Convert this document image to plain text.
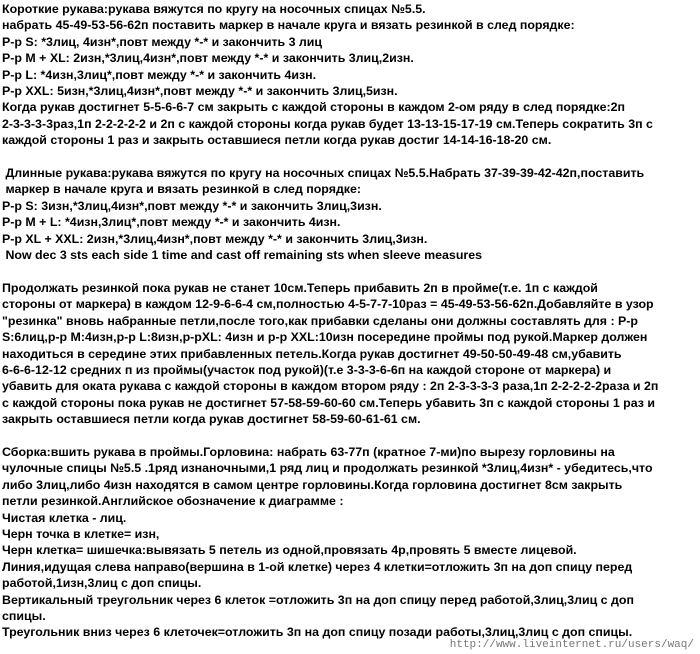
Короткие рукава:рукава вяжутся по кругу на носочных спицах №5.5.
набрать 45-49-53-56-62п поставить маркер в начале круга и вязать резинкой в след порядке:
Р-р S: *3лиц, 4изн*,повт между *-* и закончить 3 лиц
Р-р M + XL: 2изн,*3лиц,4изн*,повт между *-* и закончить 3лиц,2изн.
Р-р L: *4изн,3лиц*,повт между *-* и закончить 4изн.
Р-р XXL: 5изн,*3лиц,4изн*,повт между *-* и закончить 3лиц,5изн.
Когда рукав достигнет 5-5-6-6-7 см закрыть с каждой стороны в каждом 2-ом ряду в след порядке:2п
2-3-3-3-3раз,1п 2-2-2-2-2 и 2п с каждой стороны когда рукав будет 13-13-15-17-19 см.Теперь сократить 3п с
каждой стороны 1 раз и закрыть оставшиеся петли когда рукав достиг 14-14-16-18-20 см.
Длинные рукава:рукава вяжутся по кругу на носочных спицах №5.5.Набрать 37-39-39-42-42п,поставить
маркер в начале круга и вязать резинкой в след порядке:
Р-р S: 3изн,*3лиц,4изн*,повт между *-* и закончить 3лиц,3изн.
Р-р M + L: *4изн,3лиц*,повт между *-* и закончить 4изн.
Р-р XL + XXL: 2изн,*3лиц,4изн*,повт между *-* и закончить 3лиц,3изн.
Now dec 3 sts each side 1 time and cast off remaining sts when sleeve measures
Продолжать резинкой пока рукав не станет 10см.Теперь прибавить 2п в пройме(т.е. 1п с каждой
стороны от маркера) в каждом 12-9-6-6-4 см,полностью 4-5-7-7-10раз = 45-49-53-56-62п.Добавляйте в узор
"резинка" вновь набранные петли,после того,как прибавки сделаны они должны составлять для : Р-р
S:6лиц,р-р M:4изн,р-р L:8изн,р-рXL: 4изн и р-р XXL:10изн посередине проймы под рукой.Маркер должен
находиться в середине этих прибавленных петель.Когда рукав достигнет 49-50-50-49-48 см,убавить
6-6-6-12-12 средних п из проймы(участок под рукой)(т.е 3-3-3-6-6п на каждой стороне от маркера) и
убавить для оката рукава с каждой стороны в каждом втором ряду : 2п 2-3-3-3-3 раза,1п 2-2-2-2-2раза и 2п
с каждой стороны пока рукав не достигнет 57-58-59-60-60 см.Теперь убавить 3п с каждой стороны 1 раз и
закрыть оставшиеся петли когда рукав достигнет 58-59-60-61-61 см.
Сборка:вшить рукава в проймы.Горловина: набрать 63-77п (кратное 7-ми)по вырезу горловины на
чулочные спицы №5.5 .1ряд изнаночными,1 ряд лиц и продолжать резинкой *3лиц,4изн* - убедитесь,что
либо 3лиц,либо 4изн находятся в самом центре горловины.Когда горловина достигнет 8см закрыть
петли резинкой.Английское обозначение к диаграмме :
Чистая клетка - лиц.
Черн точка в клетке= изн,
Черн клетка= шишечка:вывязать 5 петель из одной,провязать 4р,провять 5 вместе лицевой.
Линия,идущая слева направо(вершина в 1-ой клетке) через 4 клетки=отложить 3п на доп спицу перед
работой,1изн,3лиц с доп спицы.
Вертикальный треугольник через 6 клеток =отложить 3п на доп спицу перед работой,3лиц,3лиц с доп
спицы.
Треугольник вниз через 6 клеточек=отложить 3п на доп спицу позади работы,3лиц,3лиц с доп спицы.
http://www.liveinternet.ru/users/waq/
